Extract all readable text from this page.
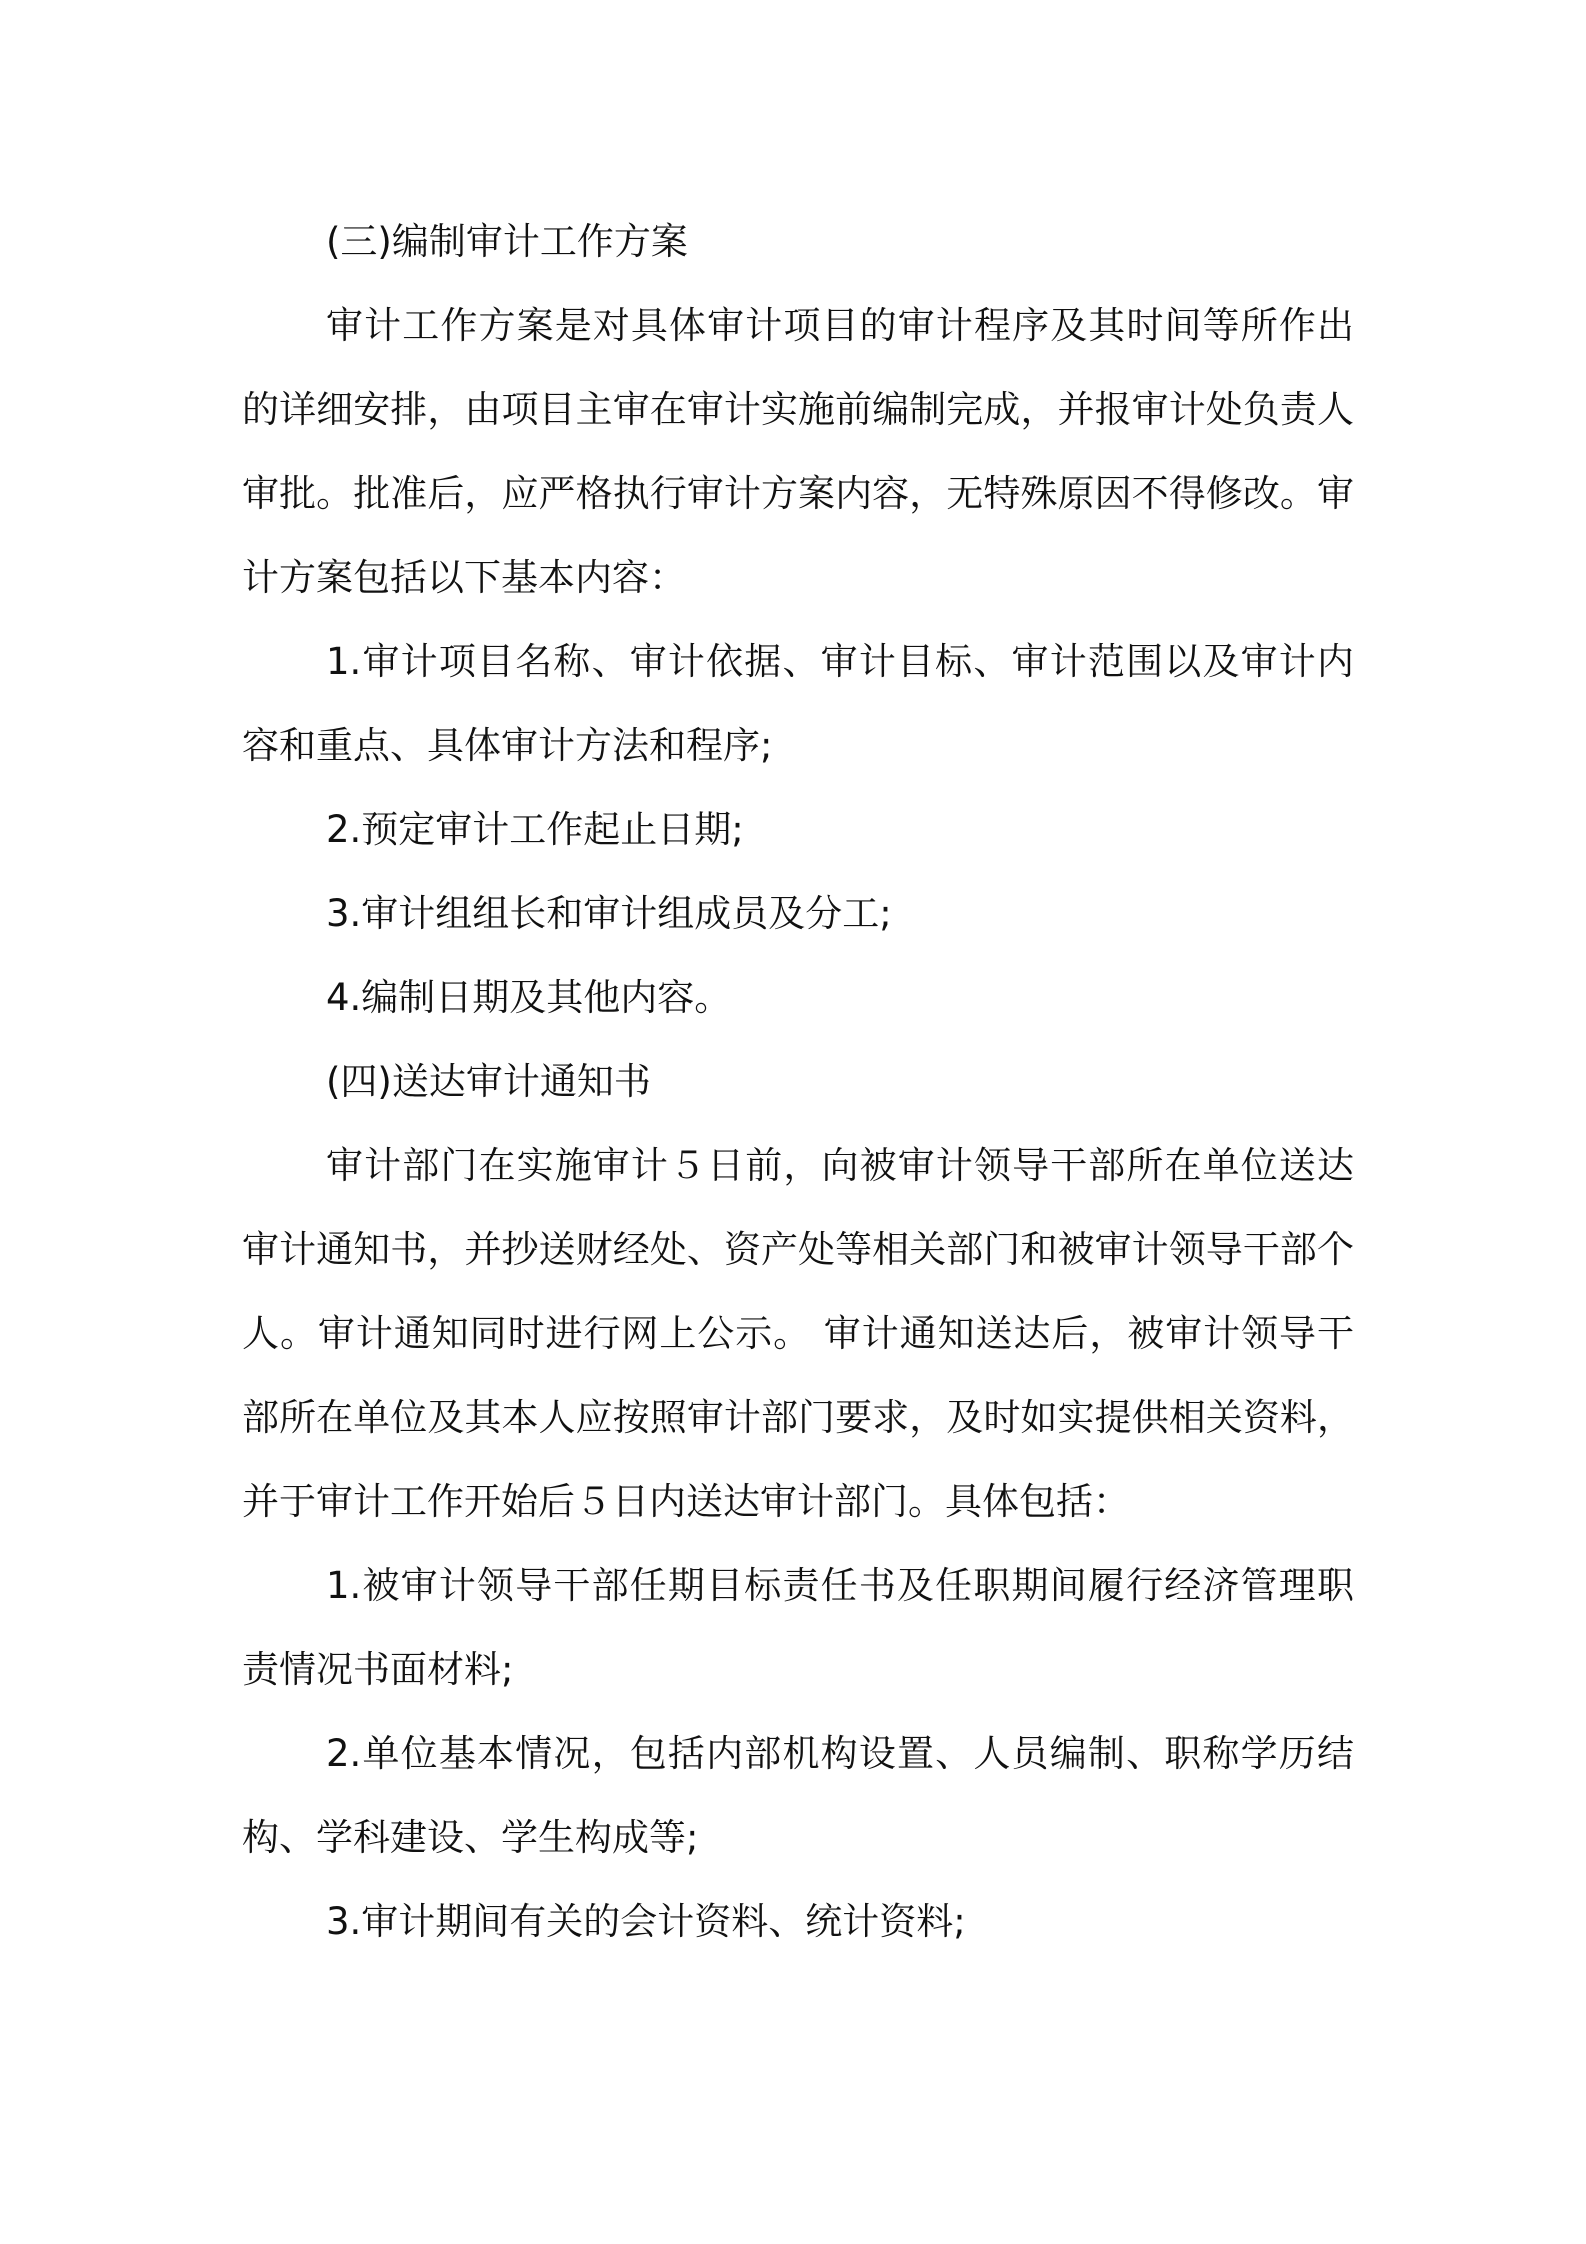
(三)编制审计工作方案

审计工作方案是对具体审计项目的审计程序及其时间等所作出的详细安排，由项目主审在审计实施前编制完成，并报审计处负责人审批。批准后，应严格执行审计方案内容，无特殊原因不得修改。审计方案包括以下基本内容：

1.审计项目名称、审计依据、审计目标、审计范围以及审计内容和重点、具体审计方法和程序;

2.预定审计工作起止日期;

3.审计组组长和审计组成员及分工;

4.编制日期及其他内容。

(四)送达审计通知书

审计部门在实施审计５日前，向被审计领导干部所在单位送达审计通知书，并抄送财经处、资产处等相关部门和被审计领导干部个人。审计通知同时进行网上公示。 审计通知送达后，被审计领导干部所在单位及其本人应按照审计部门要求，及时如实提供相关资料，并于审计工作开始后５日内送达审计部门。具体包括：

1.被审计领导干部任期目标责任书及任职期间履行经济管理职责情况书面材料;

2.单位基本情况，包括内部机构设置、人员编制、职称学历结构、学科建设、学生构成等;

3.审计期间有关的会计资料、统计资料;
